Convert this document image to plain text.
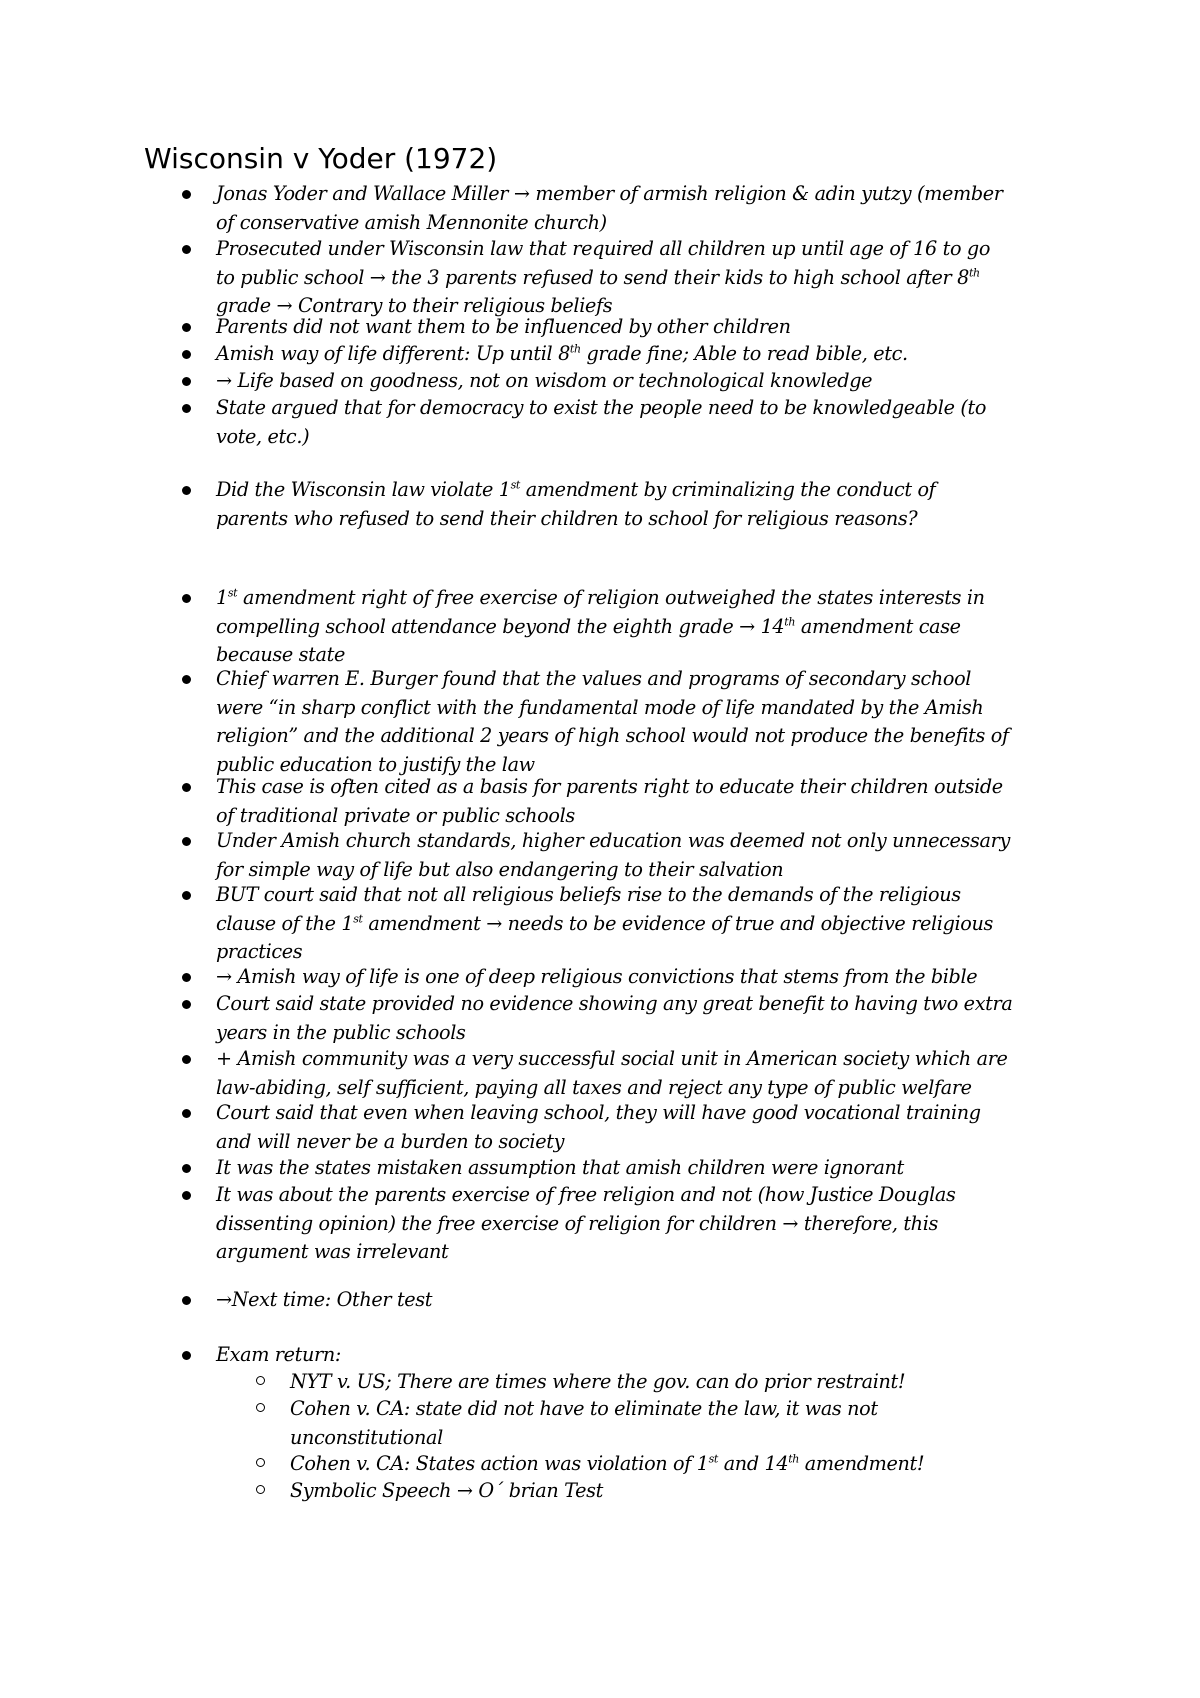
Wisconsin v Yoder (1972)

Jonas Yoder and Wallace Miller → member of armish religion & adin yutzy (member
of conservative amish Mennonite church)

Prosecuted under Wisconsin law that required all children up until age of 16 to go
to public school → the 3 parents refused to send their kids to high school after 8th
grade → Contrary to their religious beliefs

Parents did not want them to be influenced by other children

Amish way of life different: Up until 8th grade fine; Able to read bible, etc.

→ Life based on goodness, not on wisdom or technological knowledge

State argued that for democracy to exist the people need to be knowledgeable (to
vote, etc.)

Did the Wisconsin law violate 1st amendment by criminalizing the conduct of
parents who refused to send their children to school for religious reasons?

1st amendment right of free exercise of religion outweighed the states interests in
compelling school attendance beyond the eighth grade → 14th amendment case
because state

Chief warren E. Burger found that the values and programs of secondary school
were “in sharp conflict with the fundamental mode of life mandated by the Amish
religion” and the additional 2 years of high school would not produce the benefits of
public education to justify the law

This case is often cited as a basis for parents right to educate their children outside
of traditional private or public schools

Under Amish church standards, higher education was deemed not only unnecessary
for simple way of life but also endangering to their salvation

BUT court said that not all religious beliefs rise to the demands of the religious
clause of the 1st amendment → needs to be evidence of true and objective religious
practices

→ Amish way of life is one of deep religious convictions that stems from the bible

Court said state provided no evidence showing any great benefit to having two extra
years in the public schools

+ Amish community was a very successful social unit in American society which are
law-abiding, self sufficient, paying all taxes and reject any type of public welfare

Court said that even when leaving school, they will have good vocational training
and will never be a burden to society

It was the states mistaken assumption that amish children were ignorant

It was about the parents exercise of free religion and not (how Justice Douglas
dissenting opinion) the free exercise of religion for children → therefore, this
argument was irrelevant

→Next time: Other test

Exam return:

NYT v. US; There are times where the gov. can do prior restraint!

Cohen v. CA: state did not have to eliminate the law, it was not
unconstitutional

Cohen v. CA: States action was violation of 1st and 14th amendment!

Symbolic Speech → O´ brian Test
